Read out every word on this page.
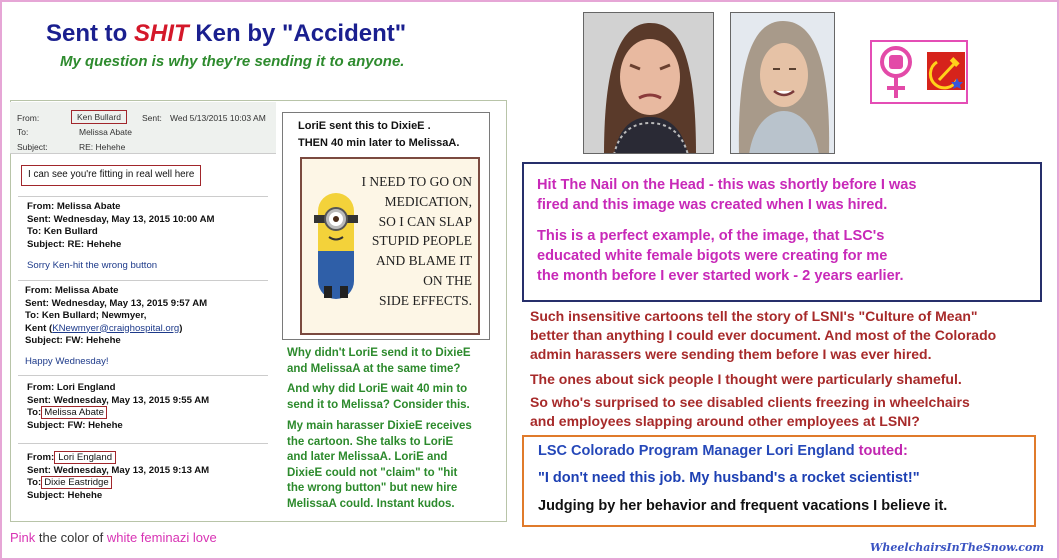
Sent to SHIT Ken by "Accident"
My question is why they're sending it to anyone.
From:	Ken Bullard	Sent: Wed 5/13/2015 10:03 AM
To:	Melissa Abate
Subject:	RE: Hehehe
I can see you're fitting in real well here
From: Melissa Abate
Sent: Wednesday, May 13, 2015 10:00 AM
To: Ken Bullard
Subject: RE: Hehehe
Sorry Ken-hit the wrong button
From: Melissa Abate
Sent: Wednesday, May 13, 2015 9:57 AM
To: Ken Bullard; Newmyer,
Kent (KNewmyer@craighospital.org)
Subject: FW: Hehehe
Happy Wednesday!
From: Lori England
Sent: Wednesday, May 13, 2015 9:55 AM
To: Melissa Abate
Subject: FW: Hehehe
From: Lori England
Sent: Wednesday, May 13, 2015 9:13 AM
To: Dixie Eastridge
Subject: Hehehe
LoriE sent this to DixieE .
THEN 40 min later to MelissaA.
I NEED TO GO ON
MEDICATION,
SO I CAN SLAP
STUPID PEOPLE
AND BLAME IT
ON THE
SIDE EFFECTS.
Why didn't LoriE send it to DixieE
and MelissaA at the same time?
And why did LoriE wait 40 min to
send it to Melissa? Consider this.
My main harasser DixieE receives
the cartoon. She talks to LoriE
and later MelissaA. LoriE and
DixieE could not "claim" to "hit
the wrong button" but new hire
MelissaA could. Instant kudos.
Hit The Nail on the Head - this was shortly before I was
fired and this image was created when I was hired.
This is a perfect example, of the image, that LSC's
educated white female bigots were creating for me
the month before I ever started work - 2 years earlier.
Such insensitive cartoons tell the story of LSNI's "Culture of Mean"
better than anything I could ever document. And most of the Colorado
admin harassers were sending them before I was ever hired.
The ones about sick people I thought were particularly shameful.
So who's surprised to see disabled clients freezing in wheelchairs
and employees slapping around other employees at LSNI?
LSC Colorado Program Manager Lori England touted:
"I don't need this job. My husband's a rocket scientist!"
Judging by her behavior and frequent vacations I believe it.
Pink the color of white feminazi love
WheelchairsInTheSnow.com
